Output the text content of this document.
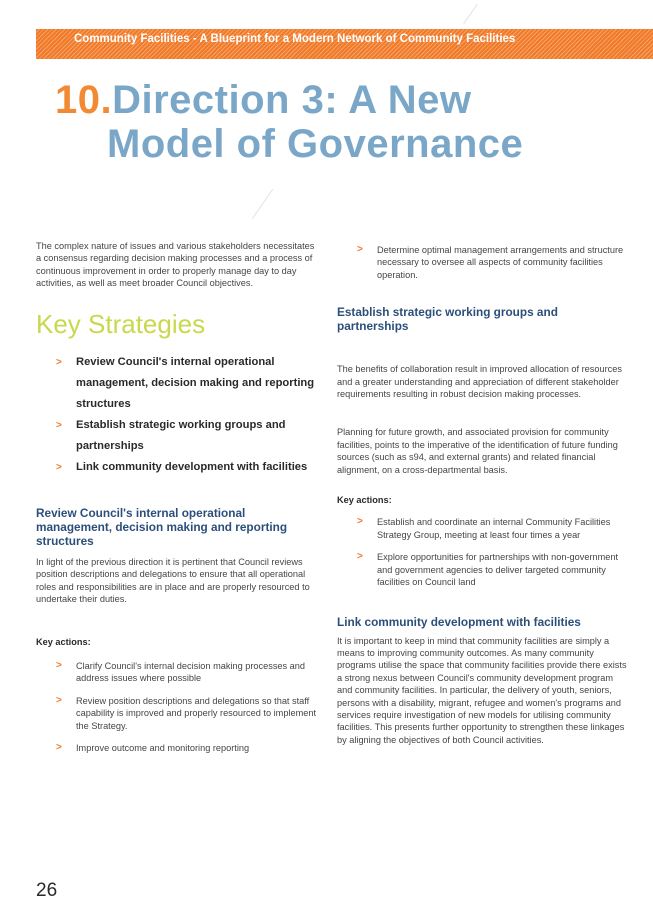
Community Facilities - A Blueprint for a Modern Network of Community Facilities
10.Direction 3: A New
Model of Governance

The complex nature of issues and various stakeholders necessitates a consensus regarding decision making processes and a process of continuous improvement in order to properly manage day to day activities, as well as meet broader Council objectives.

Key Strategies
> Review Council's internal operational management, decision making and reporting structures
> Establish strategic working groups and partnerships
> Link community development with facilities
Review Council's internal operational management, decision making and reporting structures

In light of the previous direction it is pertinent that Council reviews position descriptions and delegations to ensure that all operational roles and responsibilities are in place and are properly resourced to undertake their duties.

Key actions:
> Clarify Council's internal decision making processes and address issues where possible
> Review position descriptions and delegations so that staff capability is improved and properly resourced to implement the Strategy.
> Improve outcome and monitoring reporting
> Determine optimal management arrangements and structure necessary to oversee all aspects of community facilities operation.
Establish strategic working groups and partnerships

The benefits of collaboration result in improved allocation of resources and a greater understanding and appreciation of different stakeholder requirements resulting in robust decision making processes.

Planning for future growth, and associated provision for community facilities, points to the imperative of the identification of future funding sources (such as s94, and external grants) and related financial alignment, on a cross-departmental basis.

Key actions:
> Establish and coordinate an internal Community Facilities Strategy Group, meeting at least four times a year
> Explore opportunities for partnerships with non-government and government agencies to deliver targeted community facilities on Council land
Link community development with facilities

It is important to keep in mind that community facilities are simply a means to improving community outcomes. As many community programs utilise the space that community facilities provide there exists a strong nexus between Council's community development program and community facilities. In particular, the delivery of youth, seniors, persons with a disability, migrant, refugee and women's programs and services require investigation of new models for utilising community facilities. This presents further opportunity to strengthen these linkages by aligning the objectives of both Council activities.

26
